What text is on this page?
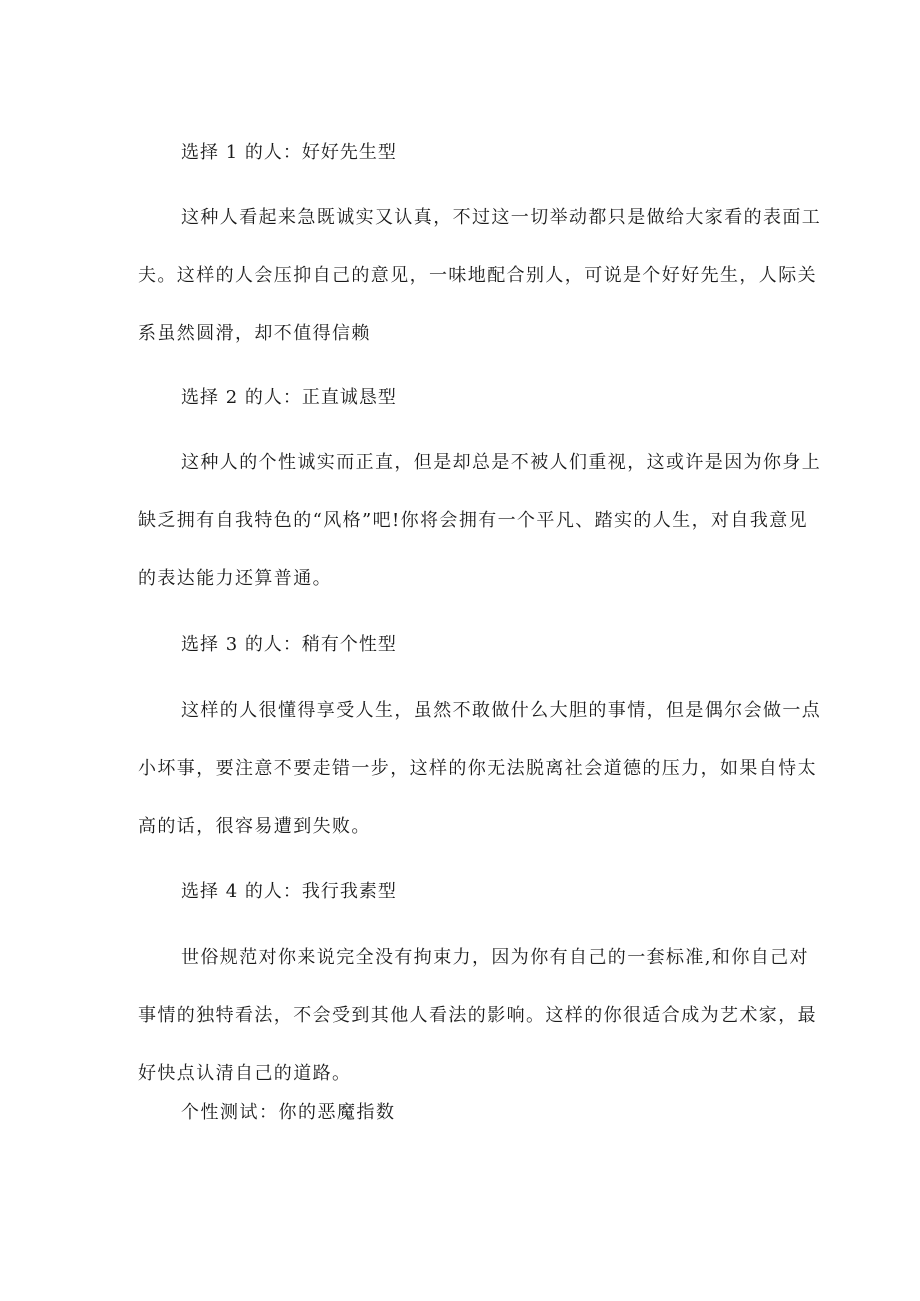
选择 1 的人：好好先生型
这种人看起来急既诚实又认真，不过这一切举动都只是做给大家看的表面工
夫。这样的人会压抑自己的意见，一味地配合别人，可说是个好好先生，人际关
系虽然圆滑，却不值得信赖
选择 2 的人：正直诚恳型
这种人的个性诚实而正直，但是却总是不被人们重视，这或许是因为你身上
缺乏拥有自我特色的“风格”吧!你将会拥有一个平凡、踏实的人生，对自我意见
的表达能力还算普通。
选择 3 的人：稍有个性型
这样的人很懂得享受人生，虽然不敢做什么大胆的事情，但是偶尔会做一点
小坏事，要注意不要走错一步，这样的你无法脱离社会道德的压力，如果自恃太
高的话，很容易遭到失败。
选择 4 的人：我行我素型
世俗规范对你来说完全没有拘束力，因为你有自己的一套标准,和你自己对
事情的独特看法，不会受到其他人看法的影响。这样的你很适合成为艺术家，最
好快点认清自己的道路。
个性测试：你的恶魔指数
